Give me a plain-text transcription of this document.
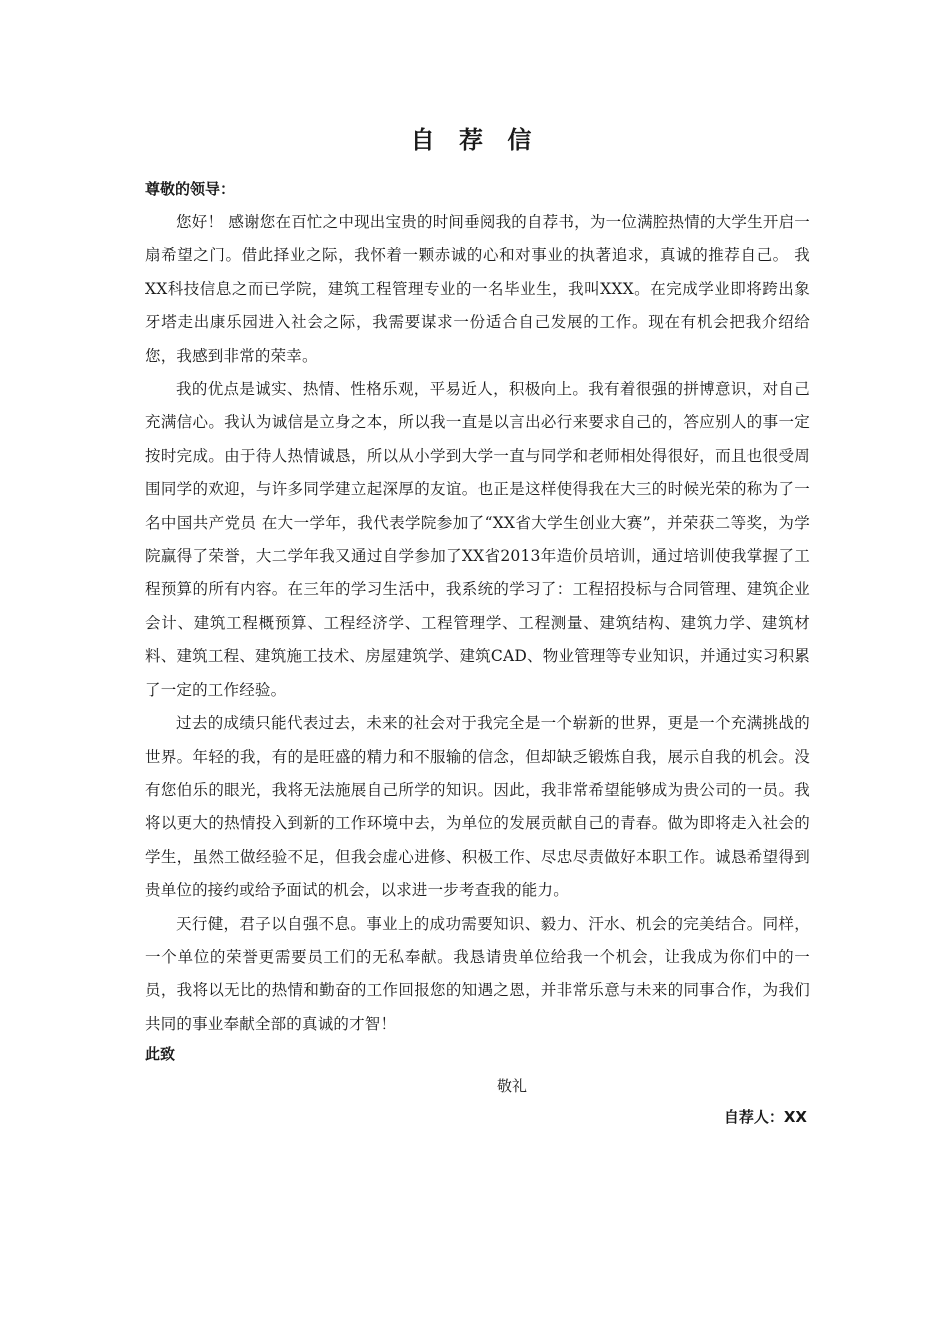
自 荐 信
尊敬的领导：

您好！ 感谢您在百忙之中现出宝贵的时间垂阅我的自荐书，为一位满腔热情的大学生开启一扇希望之门。借此择业之际，我怀着一颗赤诚的心和对事业的执著追求，真诚的推荐自己。 我XX科技信息之而已学院，建筑工程管理专业的一名毕业生，我叫XXX。在完成学业即将跨出象牙塔走出康乐园进入社会之际，我需要谋求一份适合自己发展的工作。现在有机会把我介绍给您，我感到非常的荣幸。

我的优点是诚实、热情、性格乐观，平易近人，积极向上。我有着很强的拼博意识，对自己充满信心。我认为诚信是立身之本，所以我一直是以言出必行来要求自己的，答应别人的事一定按时完成。由于待人热情诚恳，所以从小学到大学一直与同学和老师相处得很好，而且也很受周围同学的欢迎，与许多同学建立起深厚的友谊。也正是这样使得我在大三的时候光荣的称为了一名中国共产党员 在大一学年，我代表学院参加了“XX省大学生创业大赛”，并荣获二等奖，为学院赢得了荣誉，大二学年我又通过自学参加了XX省2013年造价员培训，通过培训使我掌握了工程预算的所有内容。在三年的学习生活中，我系统的学习了：工程招投标与合同管理、建筑企业会计、建筑工程概预算、工程经济学、工程管理学、工程测量、建筑结构、建筑力学、建筑材料、建筑工程、建筑施工技术、房屋建筑学、建筑CAD、物业管理等专业知识，并通过实习积累了一定的工作经验。

过去的成绩只能代表过去，未来的社会对于我完全是一个崭新的世界，更是一个充满挑战的世界。年轻的我，有的是旺盛的精力和不服输的信念，但却缺乏锻炼自我，展示自我的机会。没有您伯乐的眼光，我将无法施展自己所学的知识。因此，我非常希望能够成为贵公司的一员。我将以更大的热情投入到新的工作环境中去，为单位的发展贡献自己的青春。做为即将走入社会的学生，虽然工做经验不足，但我会虚心进修、积极工作、尽忠尽责做好本职工作。诚恳希望得到贵单位的接约或给予面试的机会，以求进一步考查我的能力。

天行健，君子以自强不息。事业上的成功需要知识、毅力、汗水、机会的完美结合。同样，一个单位的荣誉更需要员工们的无私奉献。我恳请贵单位给我一个机会，让我成为你们中的一员，我将以无比的热情和勤奋的工作回报您的知遇之恩，并非常乐意与未来的同事合作，为我们共同的事业奉献全部的真诚的才智！

此致
敬礼
自荐人：XX
